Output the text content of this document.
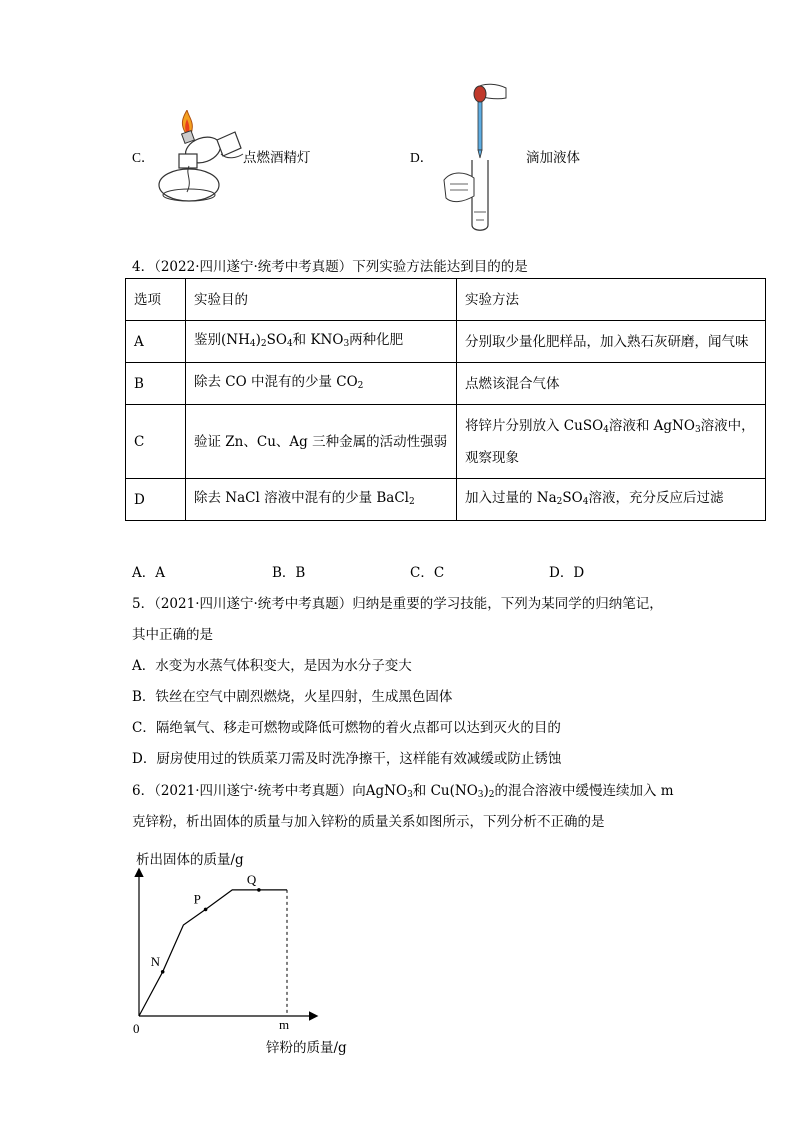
C．	点燃酒精灯	D．	滴加液体
4．（2022·四川遂宁·统考中考真题）下列实验方法能达到目的的是
选项	实验目的	实验方法
A	鉴别$(NH_4)_2SO_4$和 $KNO_3$两种化肥	分别取少量化肥样品，加入熟石灰研磨，闻气味
B	除去 CO 中混有的少量 $CO_2$	点燃该混合气体
C	验证 Zn、Cu、Ag 三种金属的活动性强弱	将锌片分别放入 CuSO$_4$溶液和 AgNO$_3$溶液中，观察现象
D	除去 NaCl 溶液中混有的少量 BaCl$_2$	加入过量的 $Na_2SO_4$溶液，充分反应后过滤
A．A	B．B	C．C	D．D
5．（2021·四川遂宁·统考中考真题）归纳是重要的学习技能，下列为某同学的归纳笔记，
其中正确的是
A．水变为水蒸气体积变大，是因为水分子变大
B．铁丝在空气中剧烈燃烧，火星四射，生成黑色固体
C．隔绝氧气、移走可燃物或降低可燃物的着火点都可以达到灭火的目的
D．厨房使用过的铁质菜刀需及时洗净擦干，这样能有效减缓或防止锈蚀
6．（2021·四川遂宁·统考中考真题）向AgNO$_3$和 $Cu(NO_3)_2$的混合溶液中缓慢连续加入 m
克锌粉，析出固体的质量与加入锌粉的质量关系如图所示，下列分析不正确的是
析出固体的质量/g
N
P
Q
0	m
锌粉的质量/g
